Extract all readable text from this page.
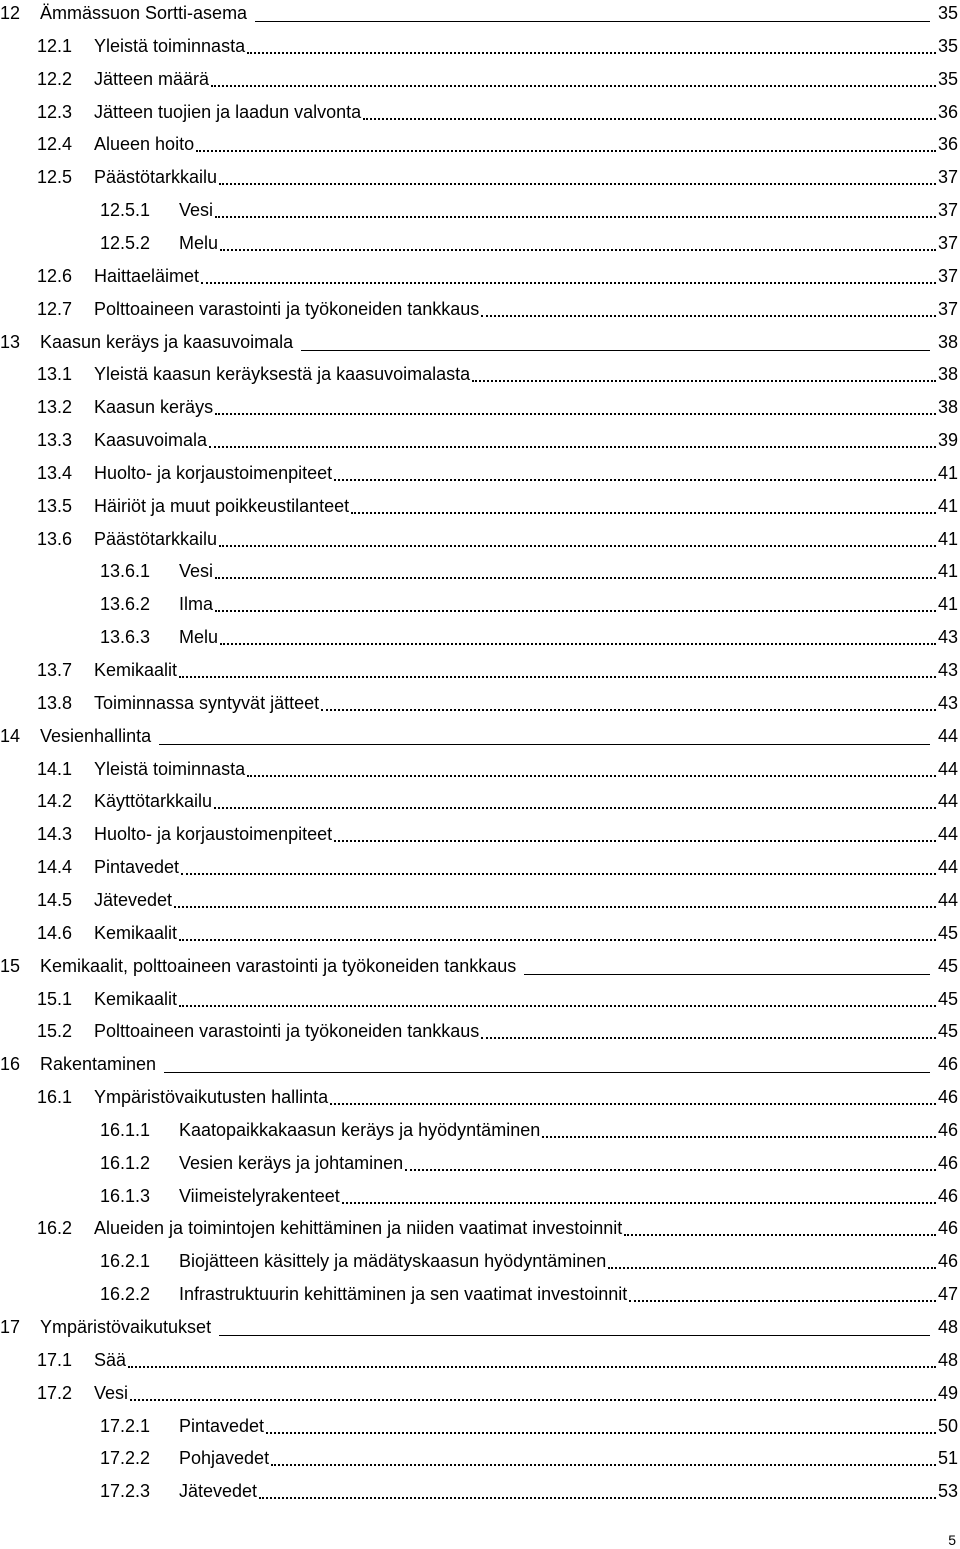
12	Ämmässuon Sortti-asema	35
12.1	Yleistä toiminnasta	35
12.2	Jätteen määrä	35
12.3	Jätteen tuojien ja laadun valvonta	36
12.4	Alueen hoito	36
12.5	Päästötarkkailu	37
12.5.1	Vesi	37
12.5.2	Melu	37
12.6	Haittaeläimet	37
12.7	Polttoaineen varastointi ja työkoneiden tankkaus	37
13	Kaasun keräys ja kaasuvoimala	38
13.1	Yleistä kaasun keräyksestä ja kaasuvoimalasta	38
13.2	Kaasun keräys	38
13.3	Kaasuvoimala	39
13.4	Huolto- ja korjaustoimenpiteet	41
13.5	Häiriöt ja muut poikkeustilanteet	41
13.6	Päästötarkkailu	41
13.6.1	Vesi	41
13.6.2	Ilma	41
13.6.3	Melu	43
13.7	Kemikaalit	43
13.8	Toiminnassa syntyvät jätteet	43
14	Vesienhallinta	44
14.1	Yleistä toiminnasta	44
14.2	Käyttötarkkailu	44
14.3	Huolto- ja korjaustoimenpiteet	44
14.4	Pintavedet	44
14.5	Jätevedet	44
14.6	Kemikaalit	45
15	Kemikaalit, polttoaineen varastointi ja työkoneiden tankkaus	45
15.1	Kemikaalit	45
15.2	Polttoaineen varastointi ja työkoneiden tankkaus	45
16	Rakentaminen	46
16.1	Ympäristövaikutusten hallinta	46
16.1.1	Kaatopaikkakaasun keräys ja hyödyntäminen	46
16.1.2	Vesien keräys ja johtaminen	46
16.1.3	Viimeistelyrakenteet	46
16.2	Alueiden ja toimintojen kehittäminen ja niiden vaatimat investoinnit	46
16.2.1	Biojätteen käsittely ja mädätyskaasun hyödyntäminen	46
16.2.2	Infrastruktuurin kehittäminen ja sen vaatimat investoinnit	47
17	Ympäristövaikutukset	48
17.1	Sää	48
17.2	Vesi	49
17.2.1	Pintavedet	50
17.2.2	Pohjavedet	51
17.2.3	Jätevedet	53
5
